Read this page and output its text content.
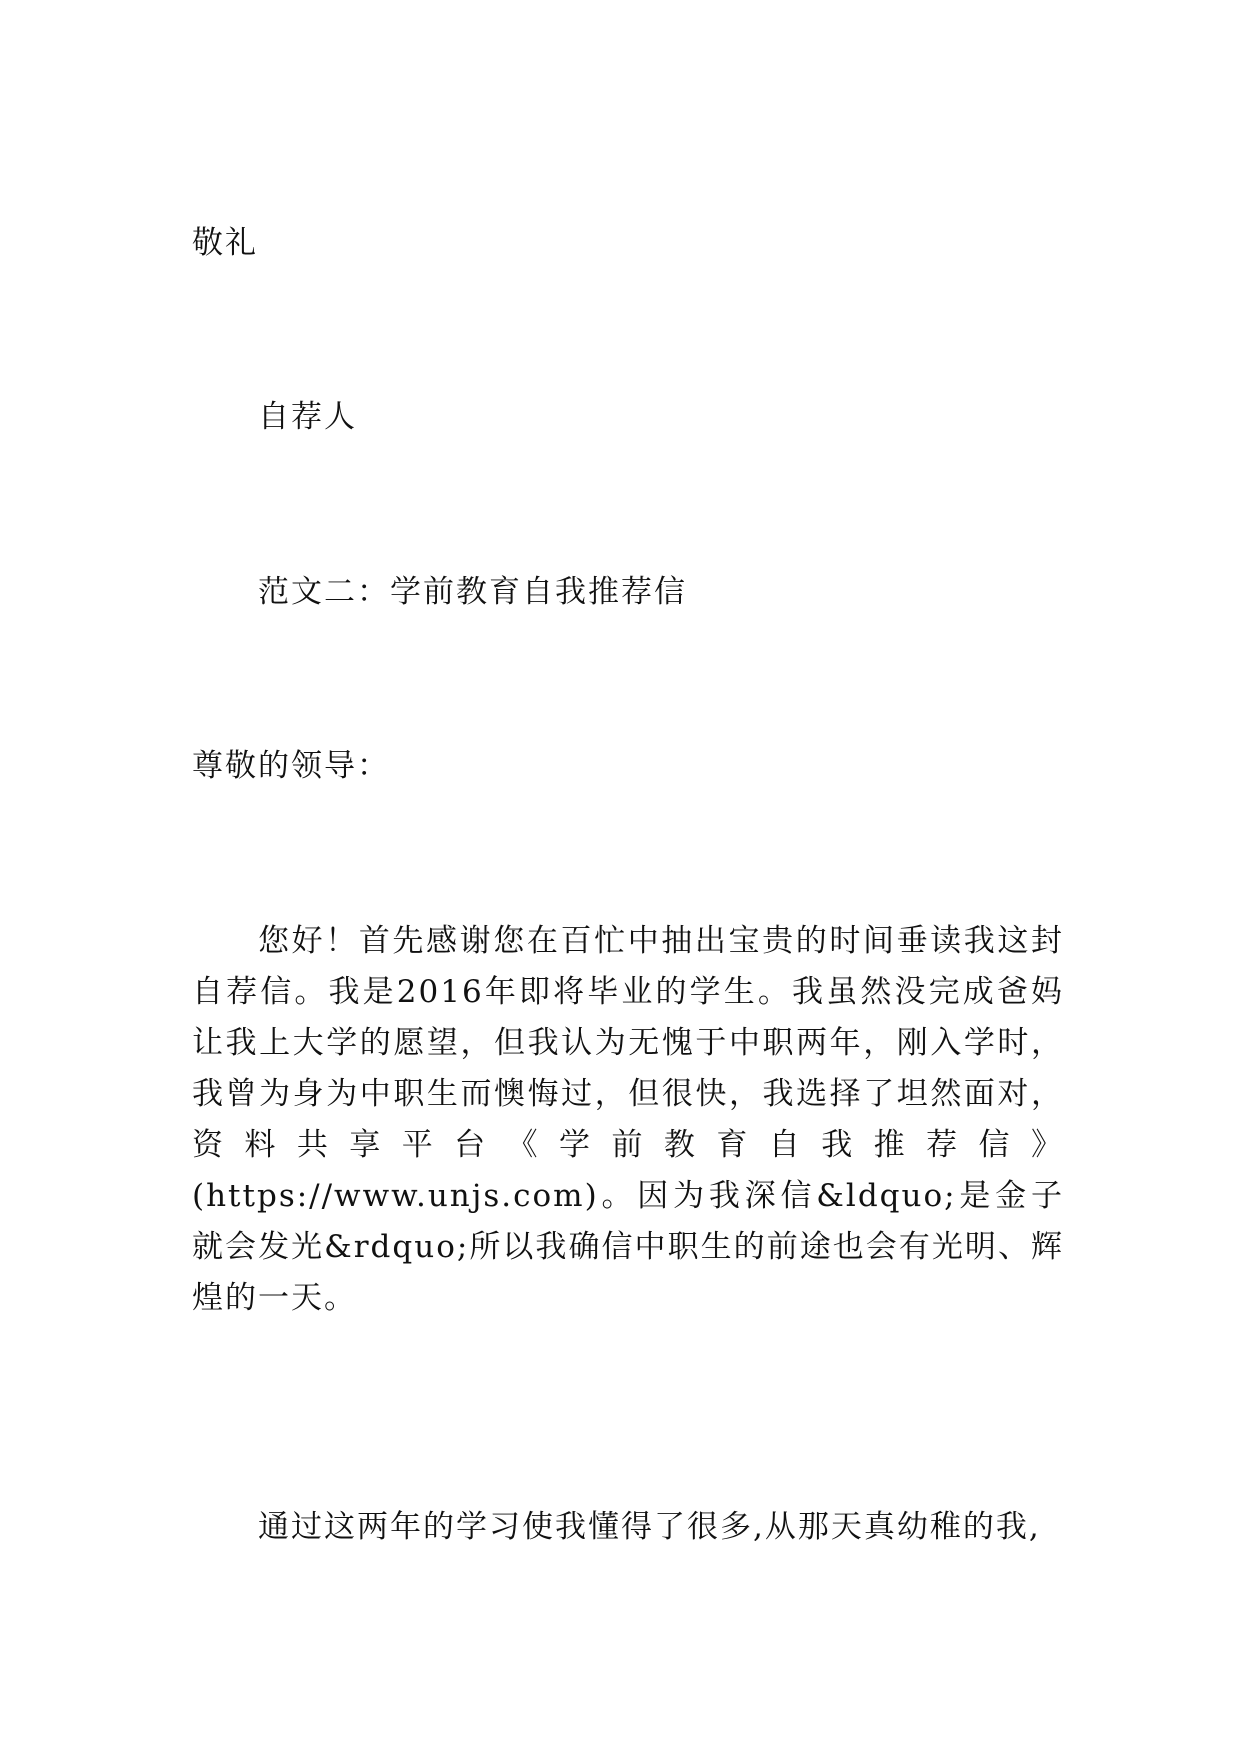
敬礼
自荐人
范文二：学前教育自我推荐信
尊敬的领导：

您好！首先感谢您在百忙中抽出宝贵的时间垂读我这封自荐信。我是2016年即将毕业的学生。我虽然没完成爸妈让我上大学的愿望，但我认为无愧于中职两年，刚入学时，我曾为身为中职生而懊悔过，但很快，我选择了坦然面对，资料共享平台《学前教育自我推荐信》(https://www.unjs.com)。因为我深信&ldquo;是金子就会发光&rdquo;所以我确信中职生的前途也会有光明、辉煌的一天。

通过这两年的学习使我懂得了很多,从那天真幼稚的我,
